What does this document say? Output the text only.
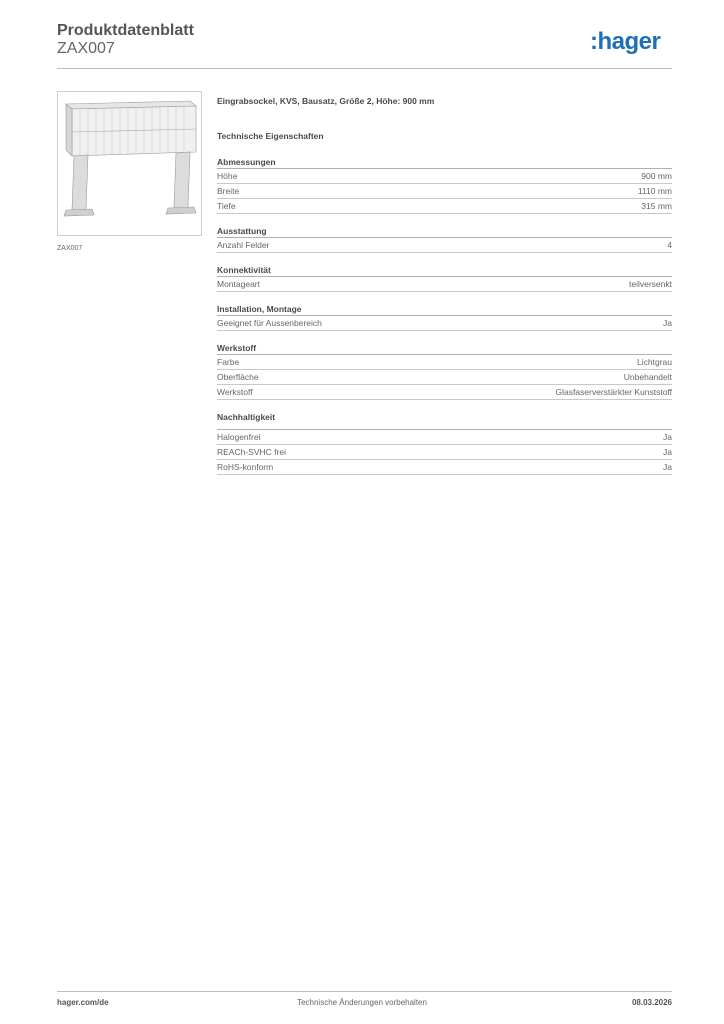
Produktdatenblatt
ZAX007	:hager
ZAX007
Eingrabsockel, KVS, Bausatz, Größe 2, Höhe: 900 mm
Technische Eigenschaften
Abmessungen
Höhe	900 mm
Breite	1110 mm
Tiefe	315 mm
Ausstattung
Anzahl Felder	4
Konnektivität
Montageart	teilversenkt
Installation, Montage
Geeignet für Aussenbereich	Ja
Werkstoff
Farbe	Lichtgrau
Oberfläche	Unbehandelt
Werkstoff	Glasfaserverstärkter Kunststoff
Nachhaltigkeit
Halogenfrei	Ja
REACh-SVHC frei	Ja
RoHS-konform	Ja
hager.com/de	Technische Änderungen vorbehalten	08.03.2026
